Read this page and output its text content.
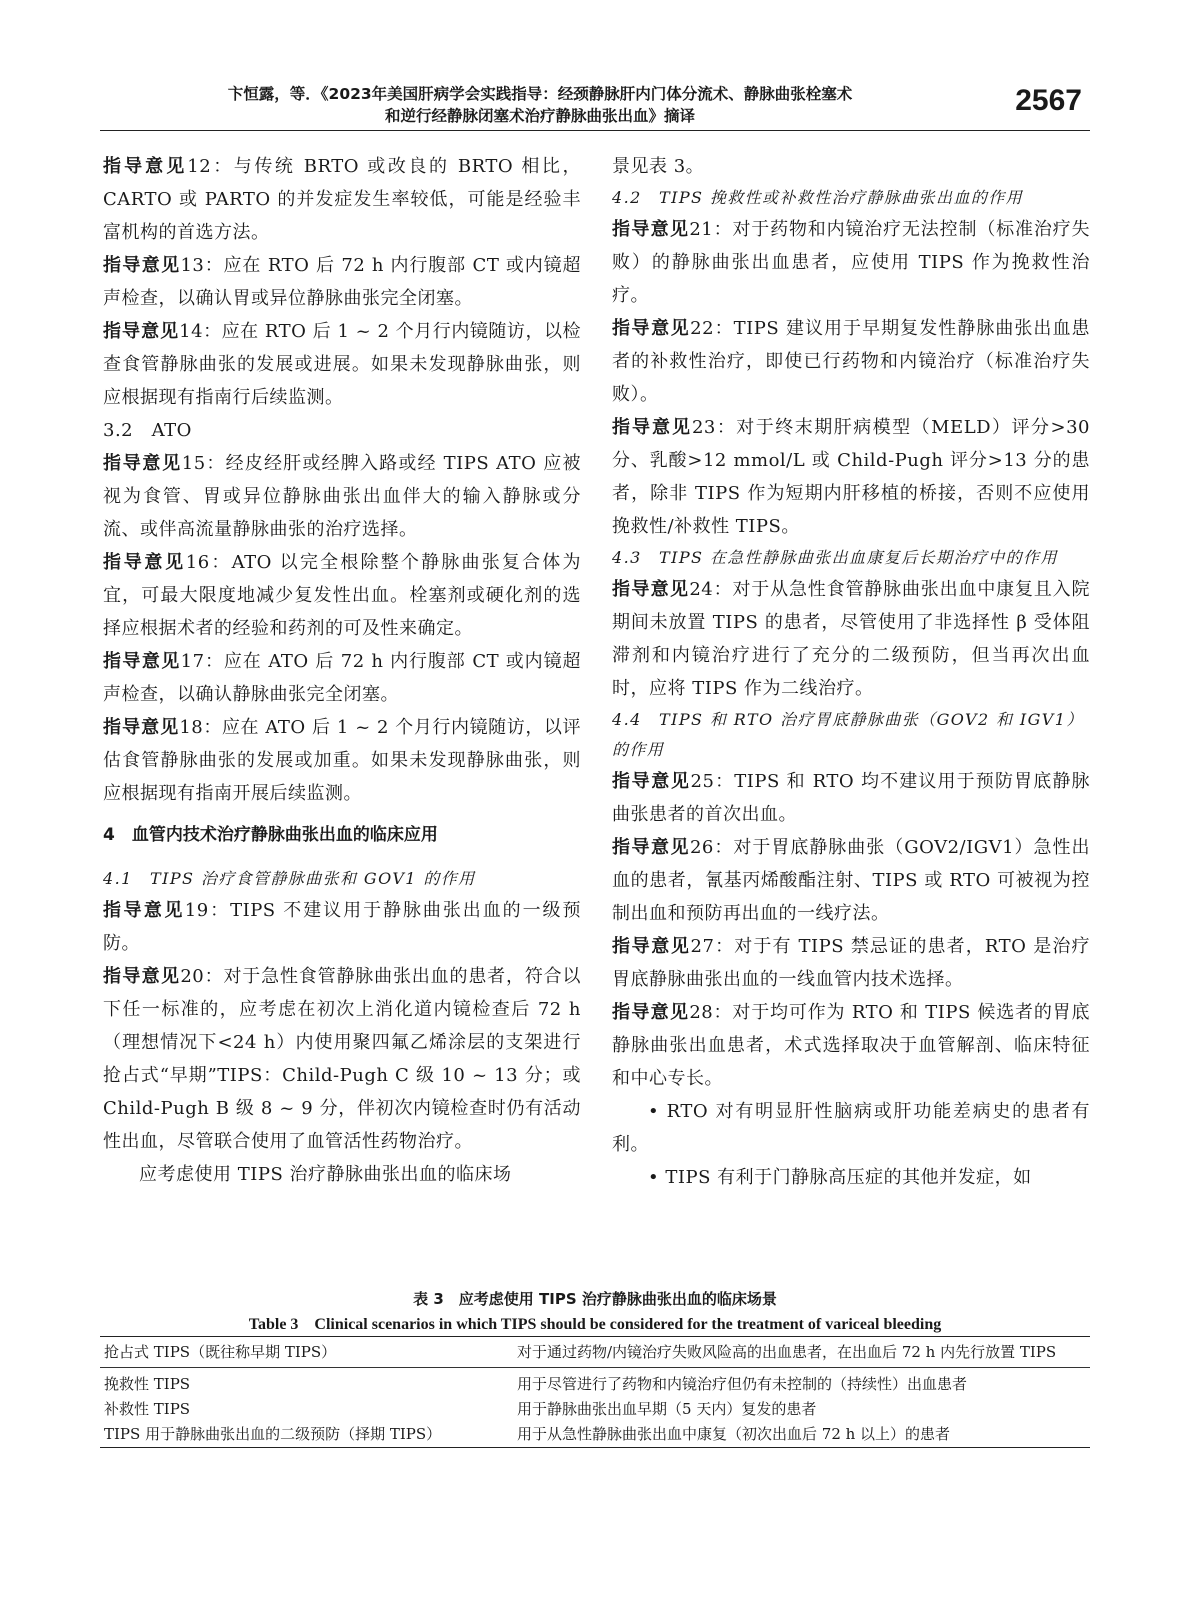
卞恒露，等．《2023年美国肝病学会实践指导：经颈静脉肝内门体分流术、静脉曲张栓塞术
和逆行经静脉闭塞术治疗静脉曲张出血》摘译	2567

指导意见12：与传统 BRTO 或改良的 BRTO 相比，CARTO 或 PARTO 的并发症发生率较低，可能是经验丰富机构的首选方法。

指导意见13：应在 RTO 后 72 h 内行腹部 CT 或内镜超声检查，以确认胃或异位静脉曲张完全闭塞。

指导意见14：应在 RTO 后 1 ~ 2 个月行内镜随访，以检查食管静脉曲张的发展或进展。如果未发现静脉曲张，则应根据现有指南行后续监测。

3.2　ATO

指导意见15：经皮经肝或经脾入路或经 TIPS ATO 应被视为食管、胃或异位静脉曲张出血伴大的输入静脉或分流、或伴高流量静脉曲张的治疗选择。

指导意见16：ATO 以完全根除整个静脉曲张复合体为宜，可最大限度地减少复发性出血。栓塞剂或硬化剂的选择应根据术者的经验和药剂的可及性来确定。

指导意见17：应在 ATO 后 72 h 内行腹部 CT 或内镜超声检查，以确认静脉曲张完全闭塞。

指导意见18：应在 ATO 后 1 ~ 2 个月行内镜随访，以评估食管静脉曲张的发展或加重。如果未发现静脉曲张，则应根据现有指南开展后续监测。

4　血管内技术治疗静脉曲张出血的临床应用

4.1　TIPS 治疗食管静脉曲张和 GOV1 的作用

指导意见19：TIPS 不建议用于静脉曲张出血的一级预防。

指导意见20：对于急性食管静脉曲张出血的患者，符合以下任一标准的，应考虑在初次上消化道内镜检查后 72 h（理想情况下<24 h）内使用聚四氟乙烯涂层的支架进行抢占式“早期”TIPS：Child-Pugh C 级 10 ~ 13 分；或 Child-Pugh B 级 8 ~ 9 分，伴初次内镜检查时仍有活动性出血，尽管联合使用了血管活性药物治疗。

应考虑使用 TIPS 治疗静脉曲张出血的临床场

景见表 3。

4.2　TIPS 挽救性或补救性治疗静脉曲张出血的作用

指导意见21：对于药物和内镜治疗无法控制（标准治疗失败）的静脉曲张出血患者，应使用 TIPS 作为挽救性治疗。

指导意见22：TIPS 建议用于早期复发性静脉曲张出血患者的补救性治疗，即使已行药物和内镜治疗（标准治疗失败）。

指导意见23：对于终末期肝病模型（MELD）评分>30 分、乳酸>12 mmol/L 或 Child-Pugh 评分>13 分的患者，除非 TIPS 作为短期内肝移植的桥接，否则不应使用挽救性/补救性 TIPS。

4.3　TIPS 在急性静脉曲张出血康复后长期治疗中的作用

指导意见24：对于从急性食管静脉曲张出血中康复且入院期间未放置 TIPS 的患者，尽管使用了非选择性 β 受体阻滞剂和内镜治疗进行了充分的二级预防，但当再次出血时，应将 TIPS 作为二线治疗。

4.4　TIPS 和 RTO 治疗胃底静脉曲张（GOV2 和 IGV1）的作用

指导意见25：TIPS 和 RTO 均不建议用于预防胃底静脉曲张患者的首次出血。

指导意见26：对于胃底静脉曲张（GOV2/IGV1）急性出血的患者，氰基丙烯酸酯注射、TIPS 或 RTO 可被视为控制出血和预防再出血的一线疗法。

指导意见27：对于有 TIPS 禁忌证的患者，RTO 是治疗胃底静脉曲张出血的一线血管内技术选择。

指导意见28：对于均可作为 RTO 和 TIPS 候选者的胃底静脉曲张出血患者，术式选择取决于血管解剖、临床特征和中心专长。

• RTO 对有明显肝性脑病或肝功能差病史的患者有利。

• TIPS 有利于门静脉高压症的其他并发症，如

表 3　应考虑使用 TIPS 治疗静脉曲张出血的临床场景
Table 3　Clinical scenarios in which TIPS should be considered for the treatment of variceal bleeding
抢占式 TIPS（既往称早期 TIPS）	对于通过药物/内镜治疗失败风险高的出血患者，在出血后 72 h 内先行放置 TIPS
挽救性 TIPS	用于尽管进行了药物和内镜治疗但仍有未控制的（持续性）出血患者
补救性 TIPS	用于静脉曲张出血早期（5 天内）复发的患者
TIPS 用于静脉曲张出血的二级预防（择期 TIPS）	用于从急性静脉曲张出血中康复（初次出血后 72 h 以上）的患者
